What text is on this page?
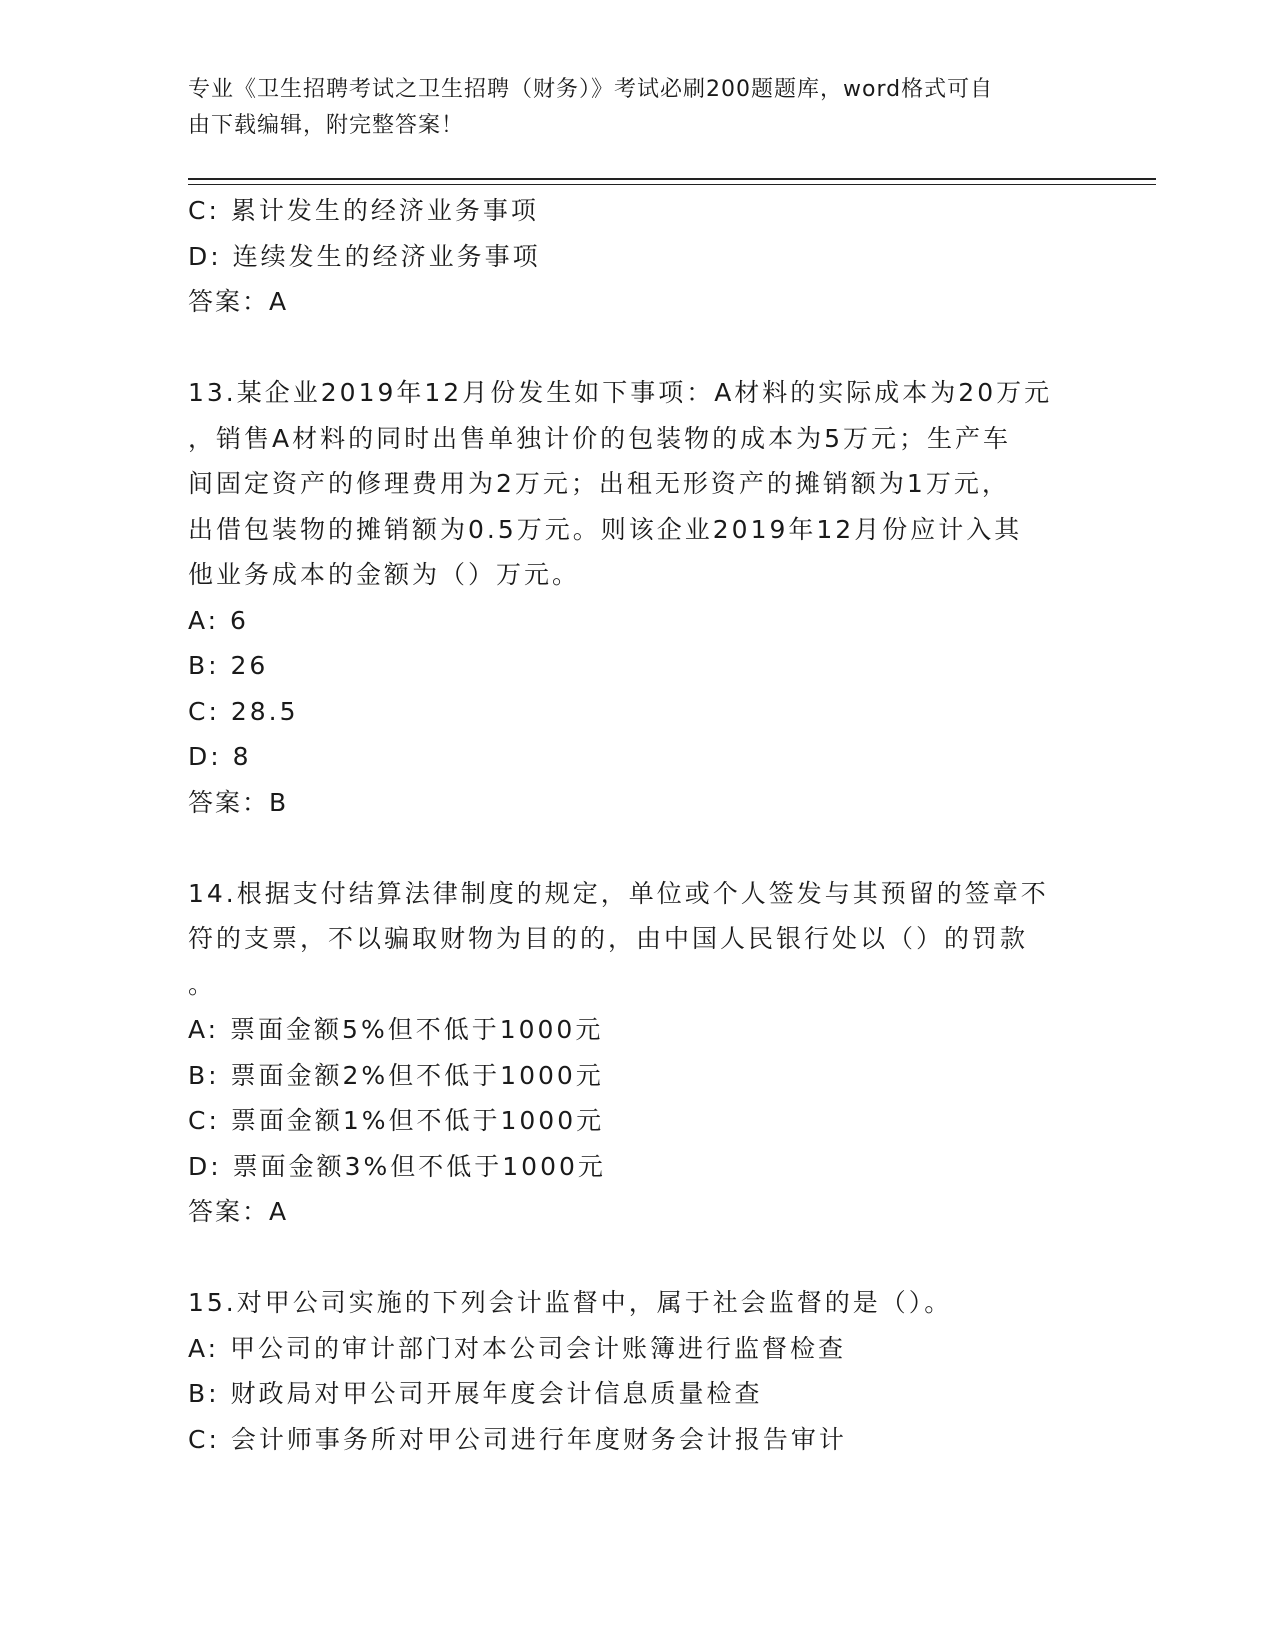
专业《卫生招聘考试之卫生招聘（财务）》考试必刷200题题库，word格式可自
由下载编辑，附完整答案！
C: 累计发生的经济业务事项
D: 连续发生的经济业务事项
答案：A
13.某企业2019年12月份发生如下事项：A材料的实际成本为20万元
，销售A材料的同时出售单独计价的包装物的成本为5万元；生产车
间固定资产的修理费用为2万元；出租无形资产的摊销额为1万元，
出借包装物的摊销额为0.5万元。则该企业2019年12月份应计入其
他业务成本的金额为（）万元。
A: 6
B: 26
C: 28.5
D: 8
答案：B
14.根据支付结算法律制度的规定，单位或个人签发与其预留的签章不
符的支票，不以骗取财物为目的的，由中国人民银行处以（）的罚款
。
A: 票面金额5%但不低于1000元
B: 票面金额2%但不低于1000元
C: 票面金额1%但不低于1000元
D: 票面金额3%但不低于1000元
答案：A
15.对甲公司实施的下列会计监督中，属于社会监督的是（）。
A: 甲公司的审计部门对本公司会计账簿进行监督检查
B: 财政局对甲公司开展年度会计信息质量检查
C: 会计师事务所对甲公司进行年度财务会计报告审计
